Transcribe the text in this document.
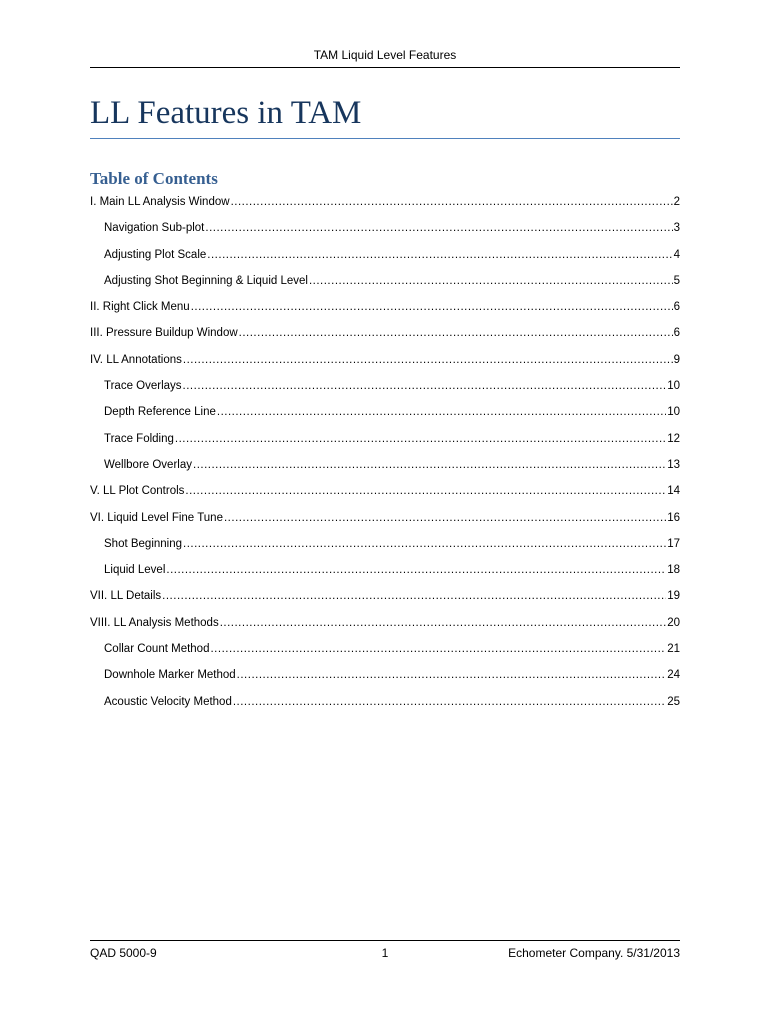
TAM Liquid Level Features
LL Features in TAM
Table of Contents
I. Main LL Analysis Window .....	2
Navigation Sub-plot .....	3
Adjusting Plot Scale .....	4
Adjusting Shot Beginning & Liquid Level .....	5
II. Right Click Menu .....	6
III. Pressure Buildup Window .....	6
IV. LL Annotations .....	9
Trace Overlays .....	10
Depth Reference Line .....	10
Trace Folding .....	12
Wellbore Overlay .....	13
V. LL Plot Controls .....	14
VI. Liquid Level Fine Tune .....	16
Shot Beginning .....	17
Liquid Level .....	18
VII. LL Details .....	19
VIII. LL Analysis Methods .....	20
Collar Count Method .....	21
Downhole Marker Method .....	24
Acoustic Velocity Method .....	25
QAD 5000-9	1	Echometer Company. 5/31/2013
